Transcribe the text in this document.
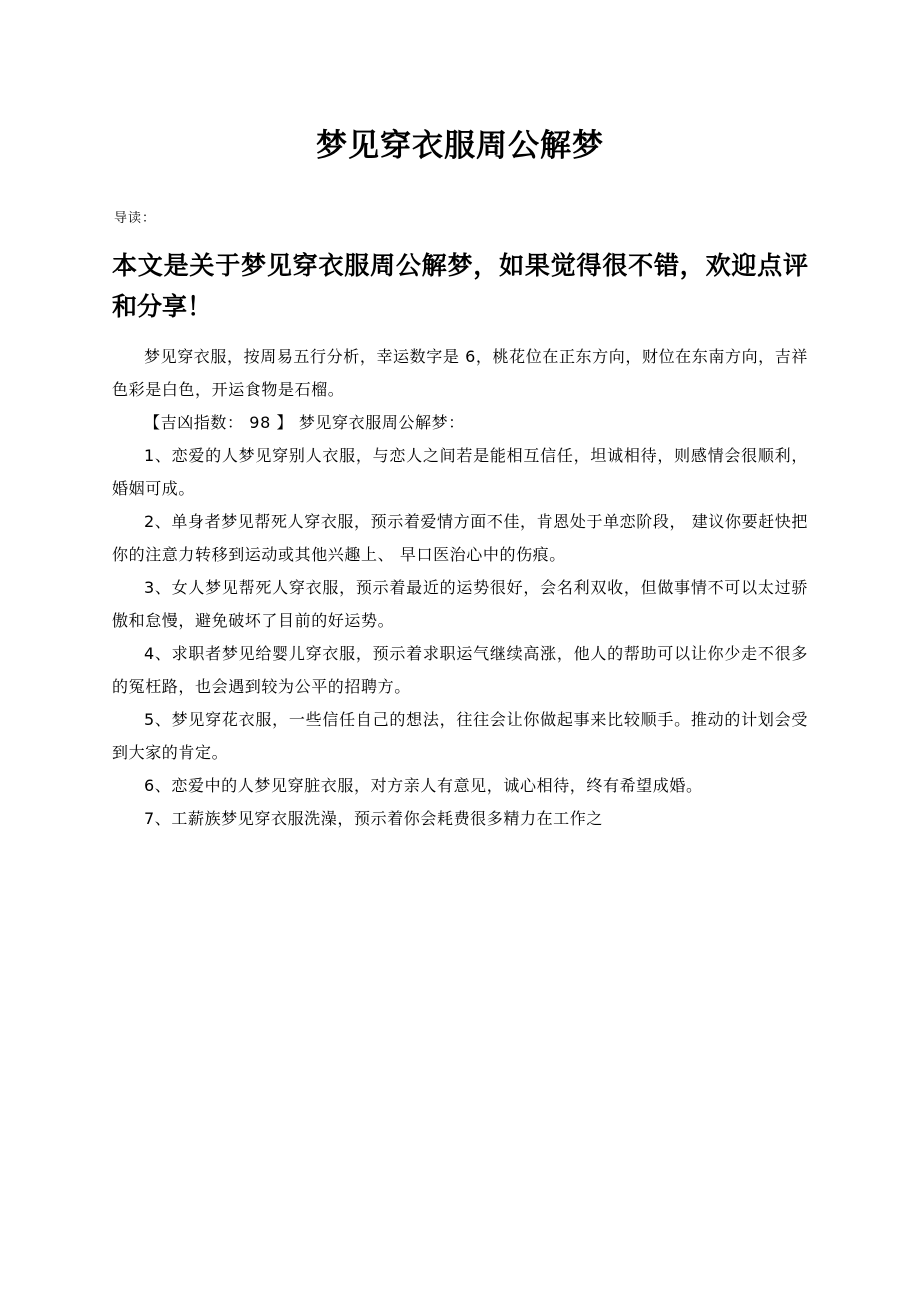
梦见穿衣服周公解梦
导读：
本文是关于梦见穿衣服周公解梦，如果觉得很不错，欢迎点评和分享！

梦见穿衣服，按周易五行分析，幸运数字是 6，桃花位在正东方向，财位在东南方向，吉祥色彩是白色，开运食物是石榴。

【吉凶指数： 98 】 梦见穿衣服周公解梦：

1、恋爱的人梦见穿别人衣服，与恋人之间若是能相互信任，坦诚相待，则感情会很顺利，婚姻可成。

2、单身者梦见帮死人穿衣服，预示着爱情方面不佳，肯恩处于单恋阶段， 建议你要赶快把你的注意力转移到运动或其他兴趣上、 早口医治心中的伤痕。

3、女人梦见帮死人穿衣服，预示着最近的运势很好，会名利双收，但做事情不可以太过骄傲和怠慢，避免破坏了目前的好运势。

4、求职者梦见给婴儿穿衣服，预示着求职运气继续高涨，他人的帮助可以让你少走不很多的冤枉路，也会遇到较为公平的招聘方。

5、梦见穿花衣服，一些信任自己的想法，往往会让你做起事来比较顺手。推动的计划会受到大家的肯定。

6、恋爱中的人梦见穿脏衣服，对方亲人有意见，诚心相待，终有希望成婚。

7、工薪族梦见穿衣服洗澡，预示着你会耗费很多精力在工作之
